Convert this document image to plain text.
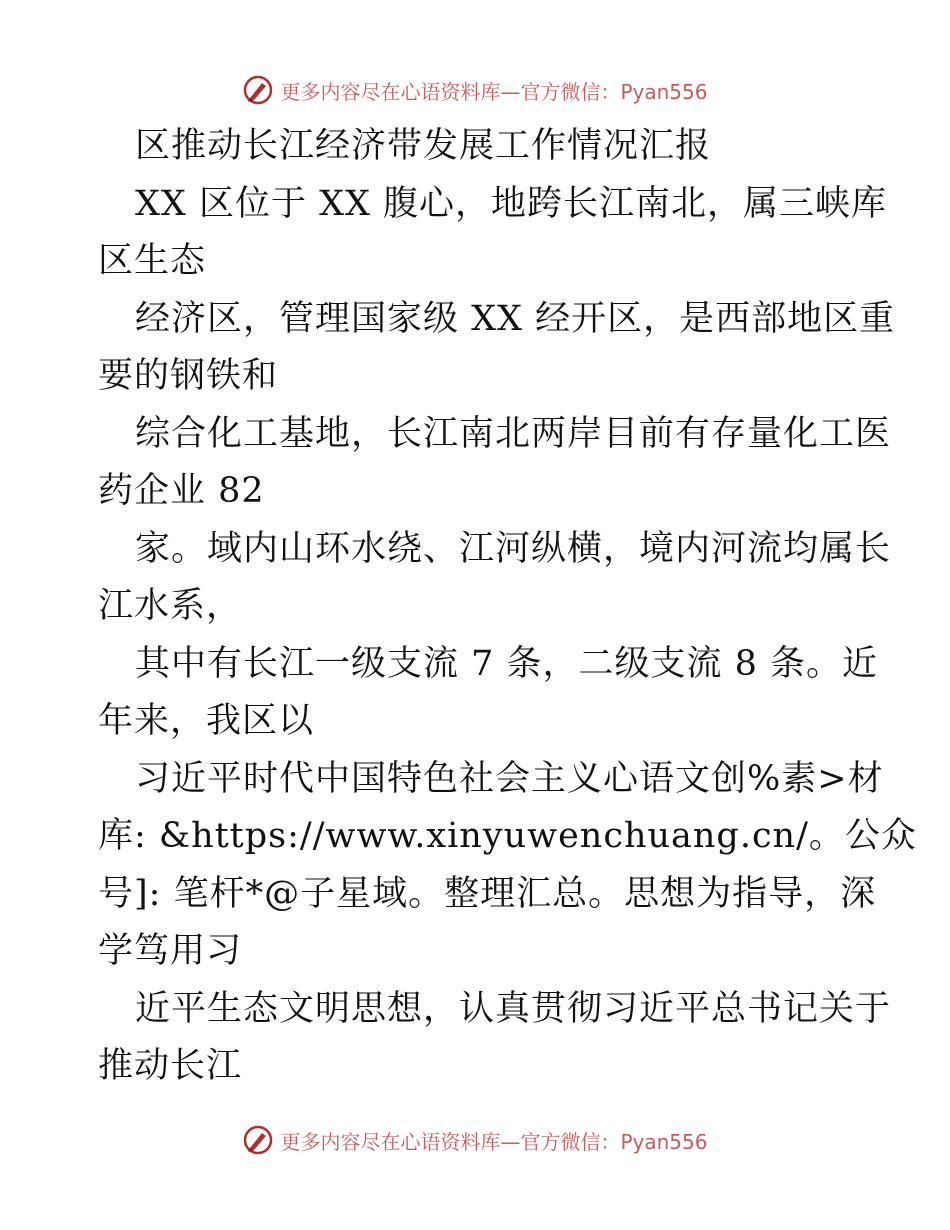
更多内容尽在心语资料库—官方微信：Pyan556
区推动长江经济带发展工作情况汇报
XX 区位于 XX 腹心，地跨长江南北，属三峡库
区生态
经济区，管理国家级 XX 经开区，是西部地区重
要的钢铁和
综合化工基地，长江南北两岸目前有存量化工医
药企业 82
家。域内山环水绕、江河纵横，境内河流均属长
江水系，
其中有长江一级支流 7 条，二级支流 8 条。近
年来，我区以
习近平时代中国特色社会主义心语文创%素>材
库: &https://www.xinyuwenchuang.cn/。公众
号]: 笔杆*@子星域。整理汇总。思想为指导，深
学笃用习
近平生态文明思想，认真贯彻习近平总书记关于
推动长江
更多内容尽在心语资料库—官方微信：Pyan556
